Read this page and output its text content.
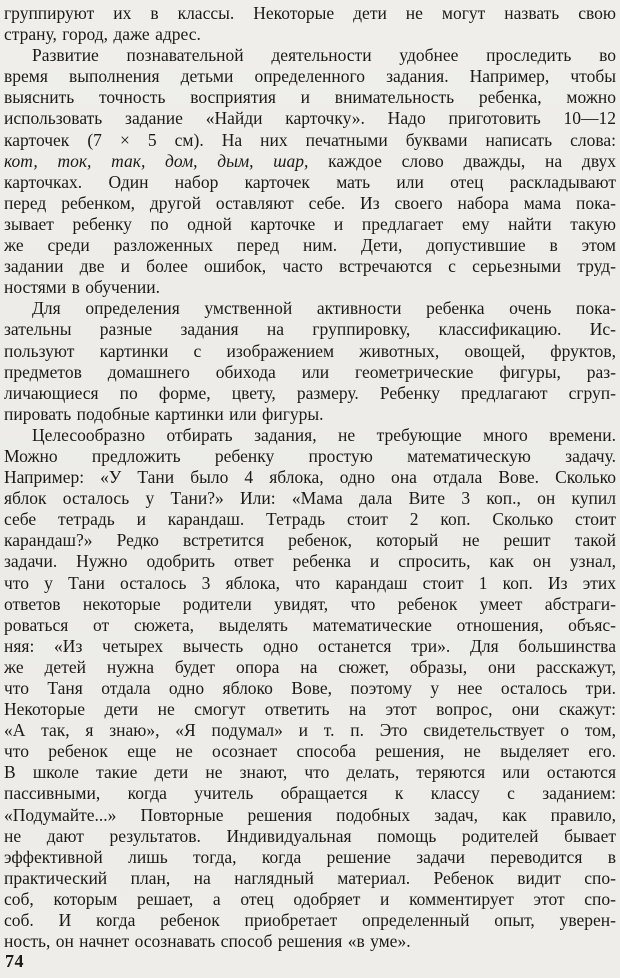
группируют их в классы. Некоторые дети не могут назвать свою
страну, город, даже адрес.
Развитие познавательной деятельности удобнее проследить во
время выполнения детьми определенного задания. Например, чтобы
выяснить точность восприятия и внимательность ребенка, можно
использовать задание «Найди карточку». Надо приготовить 10—12
карточек (7 × 5 см). На них печатными буквами написать слова:
кот, ток, так, дом, дым, шар, каждое слово дважды, на двух
карточках. Один набор карточек мать или отец раскладывают
перед ребенком, другой оставляют себе. Из своего набора мама пока-
зывает ребенку по одной карточке и предлагает ему найти такую
же среди разложенных перед ним. Дети, допустившие в этом
задании две и более ошибок, часто встречаются с серьезными труд-
ностями в обучении.
Для определения умственной активности ребенка очень пока-
зательны разные задания на группировку, классификацию. Ис-
пользуют картинки с изображением животных, овощей, фруктов,
предметов домашнего обихода или геометрические фигуры, раз-
личающиеся по форме, цвету, размеру. Ребенку предлагают сгруп-
пировать подобные картинки или фигуры.
Целесообразно отбирать задания, не требующие много времени.
Можно предложить ребенку простую математическую задачу.
Например: «У Тани было 4 яблока, одно она отдала Вове. Сколько
яблок осталось у Тани?» Или: «Мама дала Вите 3 коп., он купил
себе тетрадь и карандаш. Тетрадь стоит 2 коп. Сколько стоит
карандаш?» Редко встретится ребенок, который не решит такой
задачи. Нужно одобрить ответ ребенка и спросить, как он узнал,
что у Тани осталось 3 яблока, что карандаш стоит 1 коп. Из этих
ответов некоторые родители увидят, что ребенок умеет абстраги-
роваться от сюжета, выделять математические отношения, объяс-
няя: «Из четырех вычесть одно останется три». Для большинства
же детей нужна будет опора на сюжет, образы, они расскажут,
что Таня отдала одно яблоко Вове, поэтому у нее осталось три.
Некоторые дети не смогут ответить на этот вопрос, они скажут:
«А так, я знаю», «Я подумал» и т. п. Это свидетельствует о том,
что ребенок еще не осознает способа решения, не выделяет его.
В школе такие дети не знают, что делать, теряются или остаются
пассивными, когда учитель обращается к классу с заданием:
«Подумайте...» Повторные решения подобных задач, как правило,
не дают результатов. Индивидуальная помощь родителей бывает
эффективной лишь тогда, когда решение задачи переводится в
практический план, на наглядный материал. Ребенок видит спо-
соб, которым решает, а отец одобряет и комментирует этот спо-
соб. И когда ребенок приобретает определенный опыт, уверен-
ность, он начнет осознавать способ решения «в уме».
74
